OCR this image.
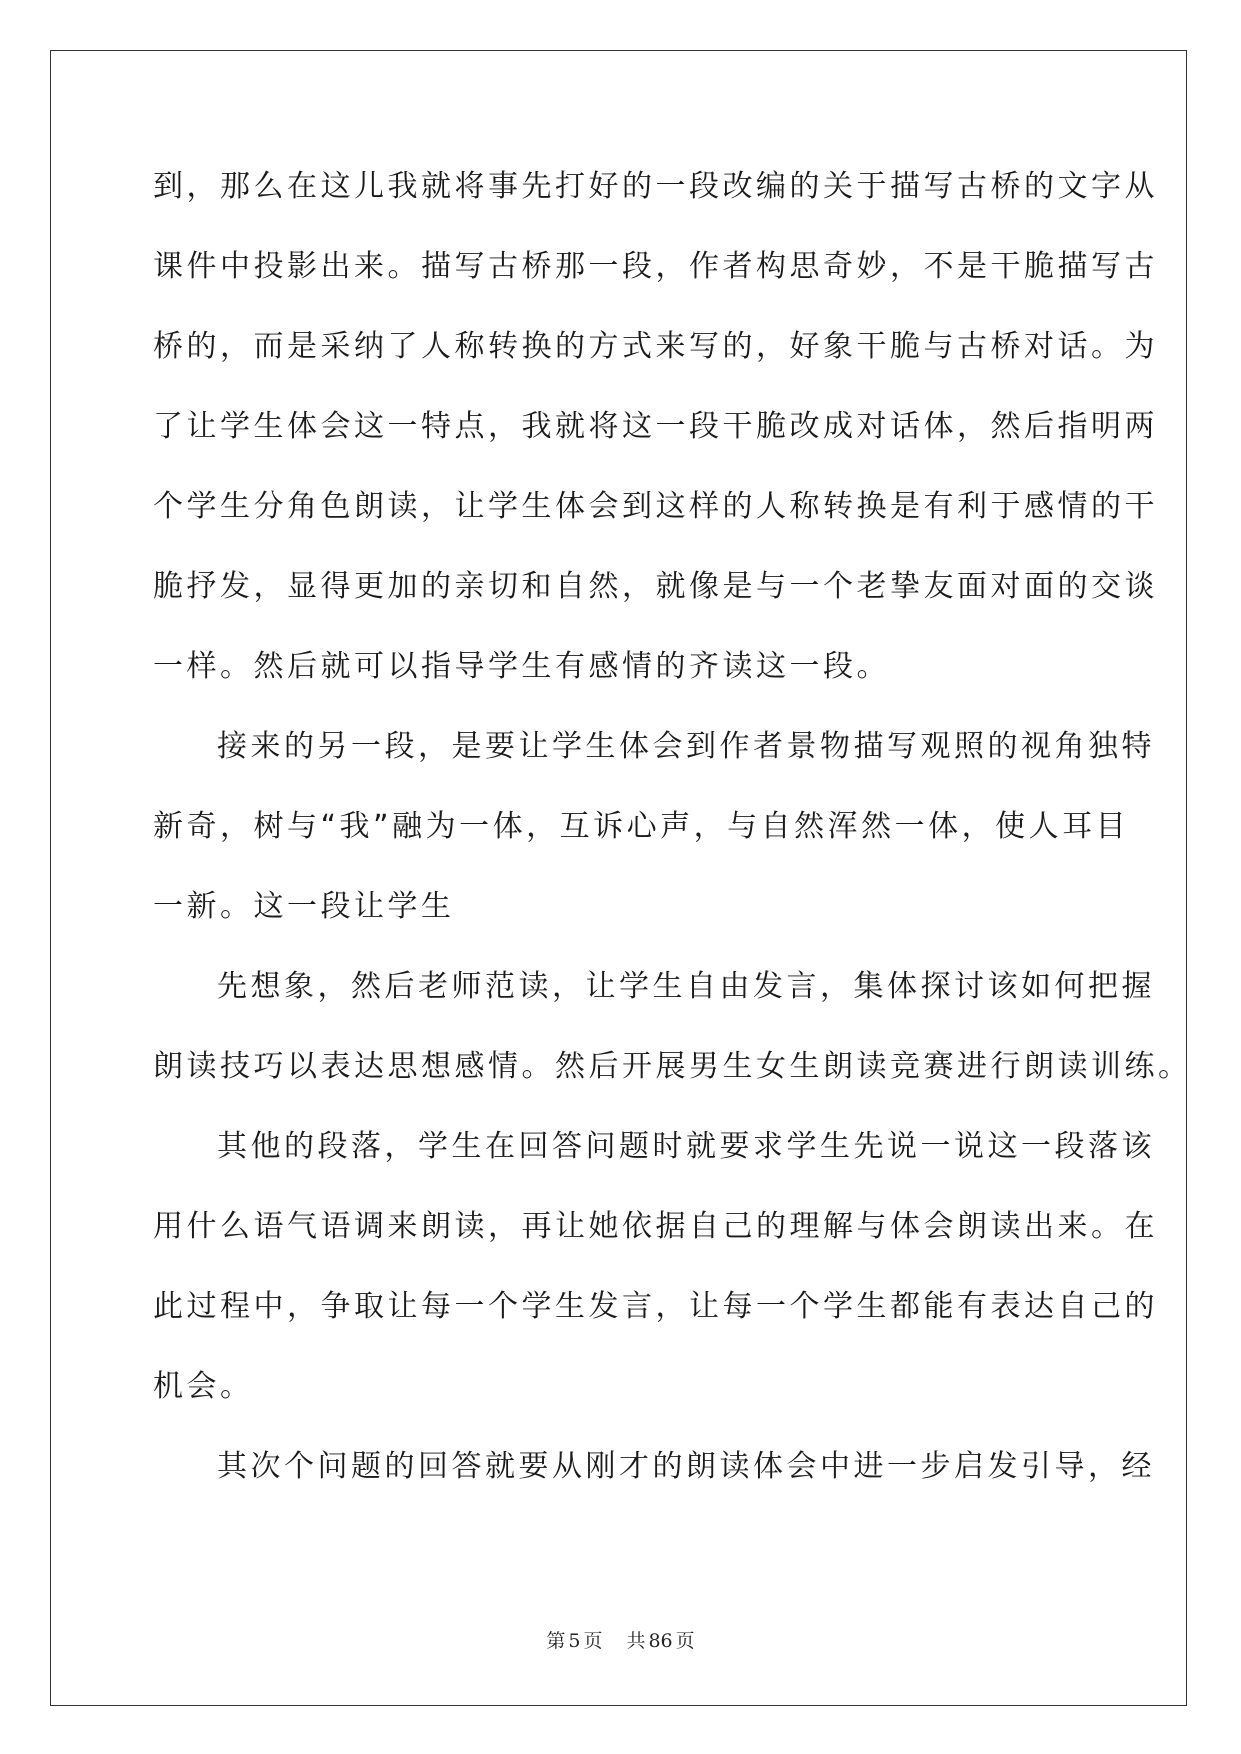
到，那么在这儿我就将事先打好的一段改编的关于描写古桥的文字从
课件中投影出来。描写古桥那一段，作者构思奇妙，不是干脆描写古
桥的，而是采纳了人称转换的方式来写的，好象干脆与古桥对话。为
了让学生体会这一特点，我就将这一段干脆改成对话体，然后指明两
个学生分角色朗读，让学生体会到这样的人称转换是有利于感情的干
脆抒发，显得更加的亲切和自然，就像是与一个老挚友面对面的交谈
一样。然后就可以指导学生有感情的齐读这一段。
接来的另一段，是要让学生体会到作者景物描写观照的视角独特
新奇，树与“我”融为一体，互诉心声，与自然浑然一体，使人耳目
一新。这一段让学生
先想象，然后老师范读，让学生自由发言，集体探讨该如何把握
朗读技巧以表达思想感情。然后开展男生女生朗读竞赛进行朗读训练。
其他的段落，学生在回答问题时就要求学生先说一说这一段落该
用什么语气语调来朗读，再让她依据自己的理解与体会朗读出来。在
此过程中，争取让每一个学生发言，让每一个学生都能有表达自己的
机会。
其次个问题的回答就要从刚才的朗读体会中进一步启发引导，经
第 5 页 共 86 页
